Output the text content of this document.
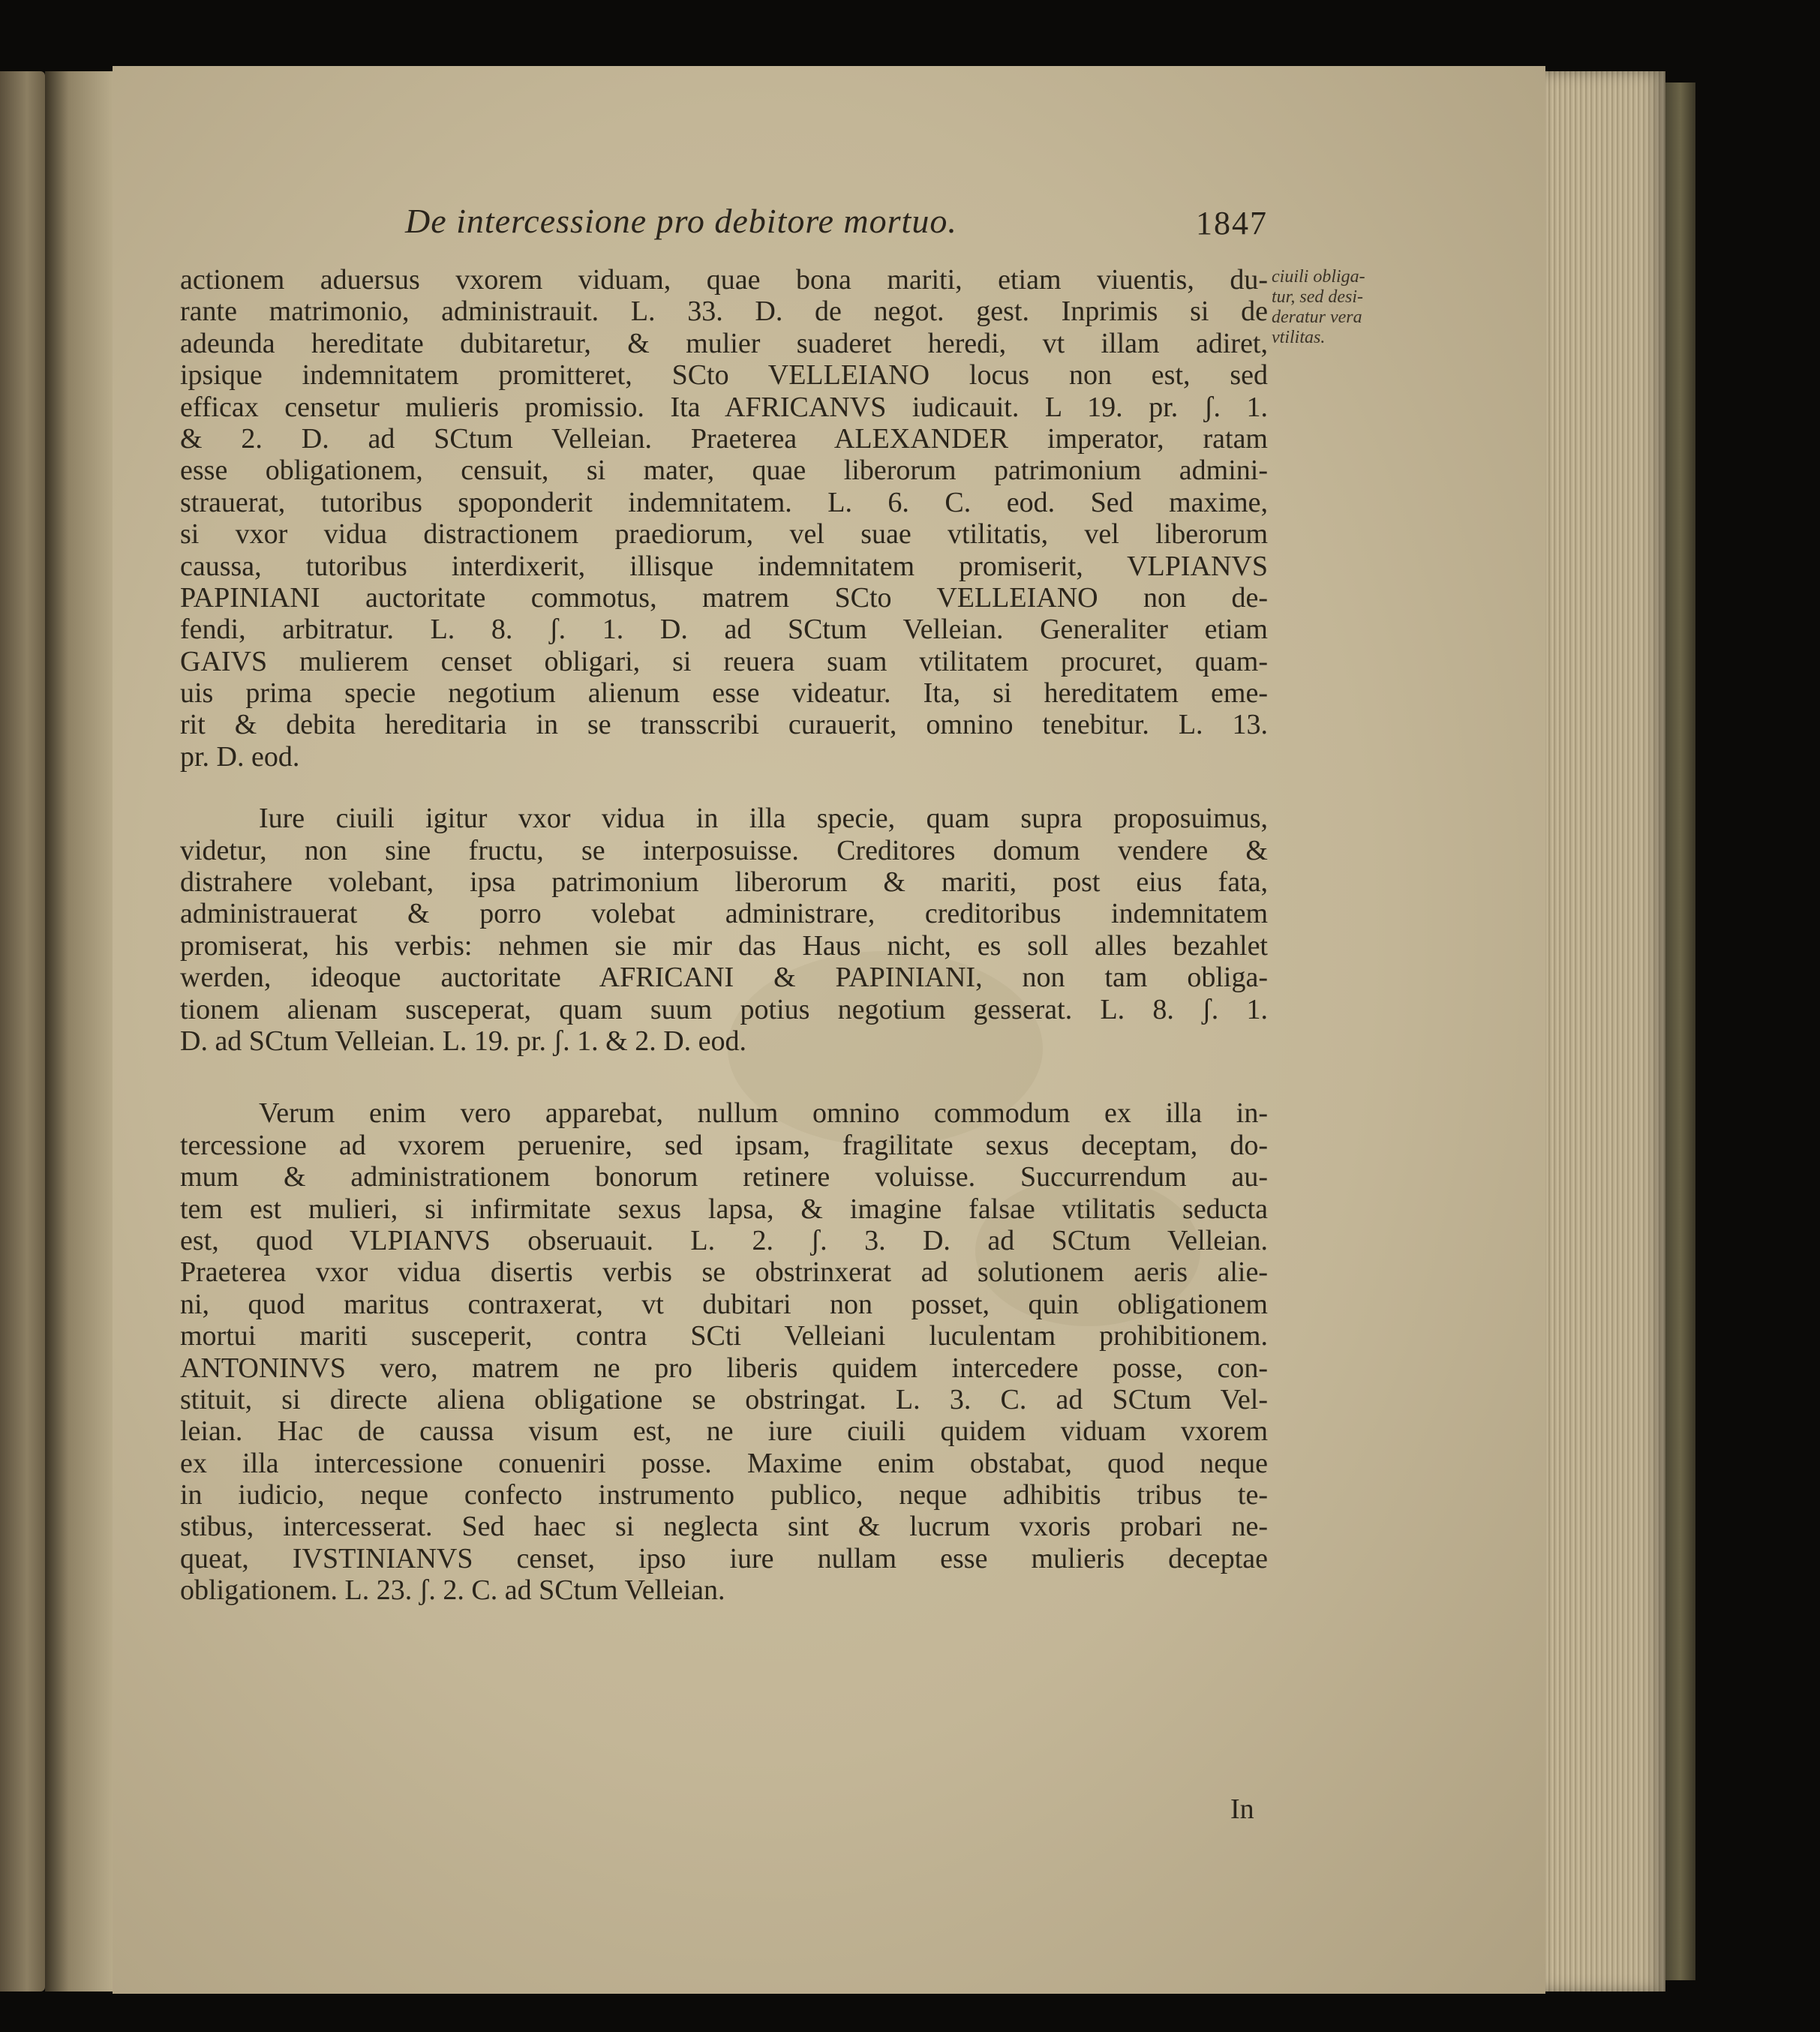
De intercessione pro debitore mortuo.	1847
ciuili obliga-
tur, sed desi-
deratur vera
vtilitas.
actionem aduersus vxorem viduam, quae bona mariti, etiam viuentis, du-
rante matrimonio, administrauit. L. 33. D. de negot. gest. Inprimis si de
adeunda hereditate dubitaretur, & mulier suaderet heredi, vt illam adiret,
ipsique indemnitatem promitteret, SCto VELLEIANO locus non est, sed
efficax censetur mulieris promissio. Ita AFRICANVS iudicauit. L 19. pr. ʃ. 1.
& 2. D. ad SCtum Velleian. Praeterea ALEXANDER imperator, ratam
esse obligationem, censuit, si mater, quae liberorum patrimonium admini-
strauerat, tutoribus spoponderit indemnitatem. L. 6. C. eod. Sed maxime,
si vxor vidua distractionem praediorum, vel suae vtilitatis, vel liberorum
caussa, tutoribus interdixerit, illisque indemnitatem promiserit, VLPIANVS
PAPINIANI auctoritate commotus, matrem SCto VELLEIANO non de-
fendi, arbitratur. L. 8. ʃ. 1. D. ad SCtum Velleian. Generaliter etiam
GAIVS mulierem censet obligari, si reuera suam vtilitatem procuret, quam-
uis prima specie negotium alienum esse videatur. Ita, si hereditatem eme-
rit & debita hereditaria in se transscribi curauerit, omnino tenebitur. L. 13.
pr. D. eod.
Iure ciuili igitur vxor vidua in illa specie, quam supra proposuimus,
videtur, non sine fructu, se interposuisse. Creditores domum vendere &
distrahere volebant, ipsa patrimonium liberorum & mariti, post eius fata,
administrauerat & porro volebat administrare, creditoribus indemnitatem
promiserat, his verbis: nehmen sie mir das Haus nicht, es soll alles bezahlet
werden, ideoque auctoritate AFRICANI & PAPINIANI, non tam obliga-
tionem alienam susceperat, quam suum potius negotium gesserat. L. 8. ʃ. 1.
D. ad SCtum Velleian. L. 19. pr. ʃ. 1. & 2. D. eod.
Verum enim vero apparebat, nullum omnino commodum ex illa in-
tercessione ad vxorem peruenire, sed ipsam, fragilitate sexus deceptam, do-
mum & administrationem bonorum retinere voluisse. Succurrendum au-
tem est mulieri, si infirmitate sexus lapsa, & imagine falsae vtilitatis seducta
est, quod VLPIANVS obseruauit. L. 2. ʃ. 3. D. ad SCtum Velleian.
Praeterea vxor vidua disertis verbis se obstrinxerat ad solutionem aeris alie-
ni, quod maritus contraxerat, vt dubitari non posset, quin obligationem
mortui mariti susceperit, contra SCti Velleiani luculentam prohibitionem.
ANTONINVS vero, matrem ne pro liberis quidem intercedere posse, con-
stituit, si directe aliena obligatione se obstringat. L. 3. C. ad SCtum Vel-
leian. Hac de caussa visum est, ne iure ciuili quidem viduam vxorem
ex illa intercessione conueniri posse. Maxime enim obstabat, quod neque
in iudicio, neque confecto instrumento publico, neque adhibitis tribus te-
stibus, intercesserat. Sed haec si neglecta sint & lucrum vxoris probari ne-
queat, IVSTINIANVS censet, ipso iure nullam esse mulieris deceptae
obligationem. L. 23. ʃ. 2. C. ad SCtum Velleian.
In
